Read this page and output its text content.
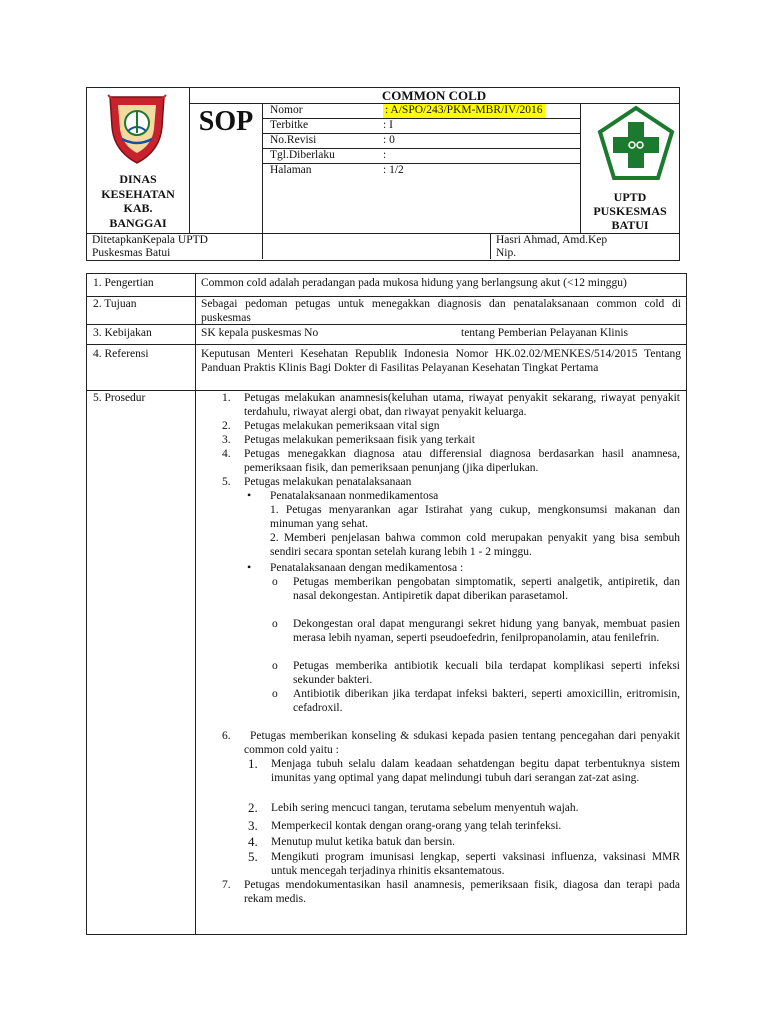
COMMON COLD
SOP	Nomor	: A/SPO/243/PKM-MBR/IV/2016
Terbitke	: I
No.Revisi	: 0
Tgl.Diberlaku	:
Halaman	: 1/2
DINAS
KESEHATAN
KAB.
BANGGAI
UPTD
PUSKESMAS
BATUI
DitetapkanKepala UPTD
Puskesmas Batui
Hasri Ahmad, Amd.Kep
Nip.
1. Pengertian	Common cold adalah peradangan pada mukosa hidung yang berlangsung akut (<12 minggu)
2. Tujuan	Sebagai pedoman petugas untuk menegakkan diagnosis dan penatalaksanaan common cold di puskesmas
3. Kebijakan	SK kepala puskesmas No	tentang Pemberian Pelayanan Klinis
4. Referensi	Keputusan Menteri Kesehatan Republik Indonesia Nomor HK.02.02/MENKES/514/2015 Tentang Panduan Praktis Klinis Bagi Dokter di Fasilitas Pelayanan Kesehatan Tingkat Pertama
5. Prosedur	1. Petugas melakukan anamnesis(keluhan utama, riwayat penyakit sekarang, riwayat penyakit terdahulu, riwayat alergi obat, dan riwayat penyakit keluarga.
2. Petugas melakukan pemeriksaan vital sign
3. Petugas melakukan pemeriksaan fisik yang terkait
4. Petugas menegakkan diagnosa atau differensial diagnosa berdasarkan hasil anamnesa, pemeriksaan fisik, dan pemeriksaan penunjang (jika diperlukan.
5. Petugas melakukan penatalaksanaan
• Penatalaksanaan nonmedikamentosa
1. Petugas menyarankan agar Istirahat yang cukup, mengkonsumsi makanan dan minuman yang sehat.
2. Memberi penjelasan bahwa common cold merupakan penyakit yang bisa sembuh sendiri secara spontan setelah kurang lebih 1 - 2 minggu.
• Penatalaksanaan dengan medikamentosa :
o Petugas memberikan pengobatan simptomatik, seperti analgetik, antipiretik, dan nasal dekongestan. Antipiretik dapat diberikan parasetamol.
o Dekongestan oral dapat mengurangi sekret hidung yang banyak, membuat pasien merasa lebih nyaman, seperti pseudoefedrin, fenilpropanolamin, atau fenilefrin.
o Petugas memberika antibiotik kecuali bila terdapat komplikasi seperti infeksi sekunder bakteri.
o Antibiotik diberikan jika terdapat infeksi bakteri, seperti amoxicillin, eritromisin, cefadroxil.
6.	Petugas memberikan konseling & sdukasi kepada pasien tentang pencegahan dari penyakit common cold yaitu :
1. Menjaga tubuh selalu dalam keadaan sehatdengan begitu dapat terbentuknya sistem imunitas yang optimal yang dapat melindungi tubuh dari serangan zat-zat asing.
2. Lebih sering mencuci tangan, terutama sebelum menyentuh wajah.
3. Memperkecil kontak dengan orang-orang yang telah terinfeksi.
4. Menutup mulut ketika batuk dan bersin.
5. Mengikuti program imunisasi lengkap, seperti vaksinasi influenza, vaksinasi MMR untuk mencegah terjadinya rhinitis eksantematous.
7. Petugas mendokumentasikan hasil anamnesis, pemeriksaan fisik, diagosa dan terapi pada rekam medis.
